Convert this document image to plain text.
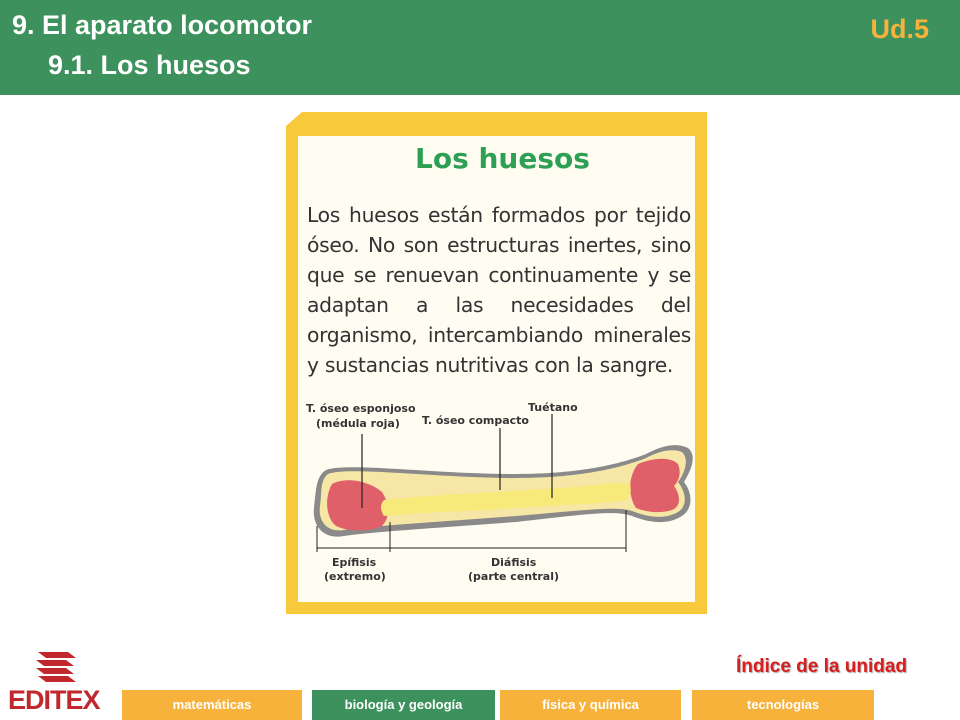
9. El aparato locomotor
9.1. Los huesos
Ud.5
Los huesos
Los huesos están formados por tejido óseo. No son estructuras inertes, sino que se renuevan continuamente y se adaptan a las necesidades del organismo, intercambiando minerales y sustancias nutritivas con la sangre.
T. óseo esponjoso
(médula roja) T. óseo compacto
Tuétano
Epífisis
(extremo)
Diáfisis
(parte central)
Índice de la unidad
EDITEX	matemáticas	biología y geología	física y química	tecnologías
